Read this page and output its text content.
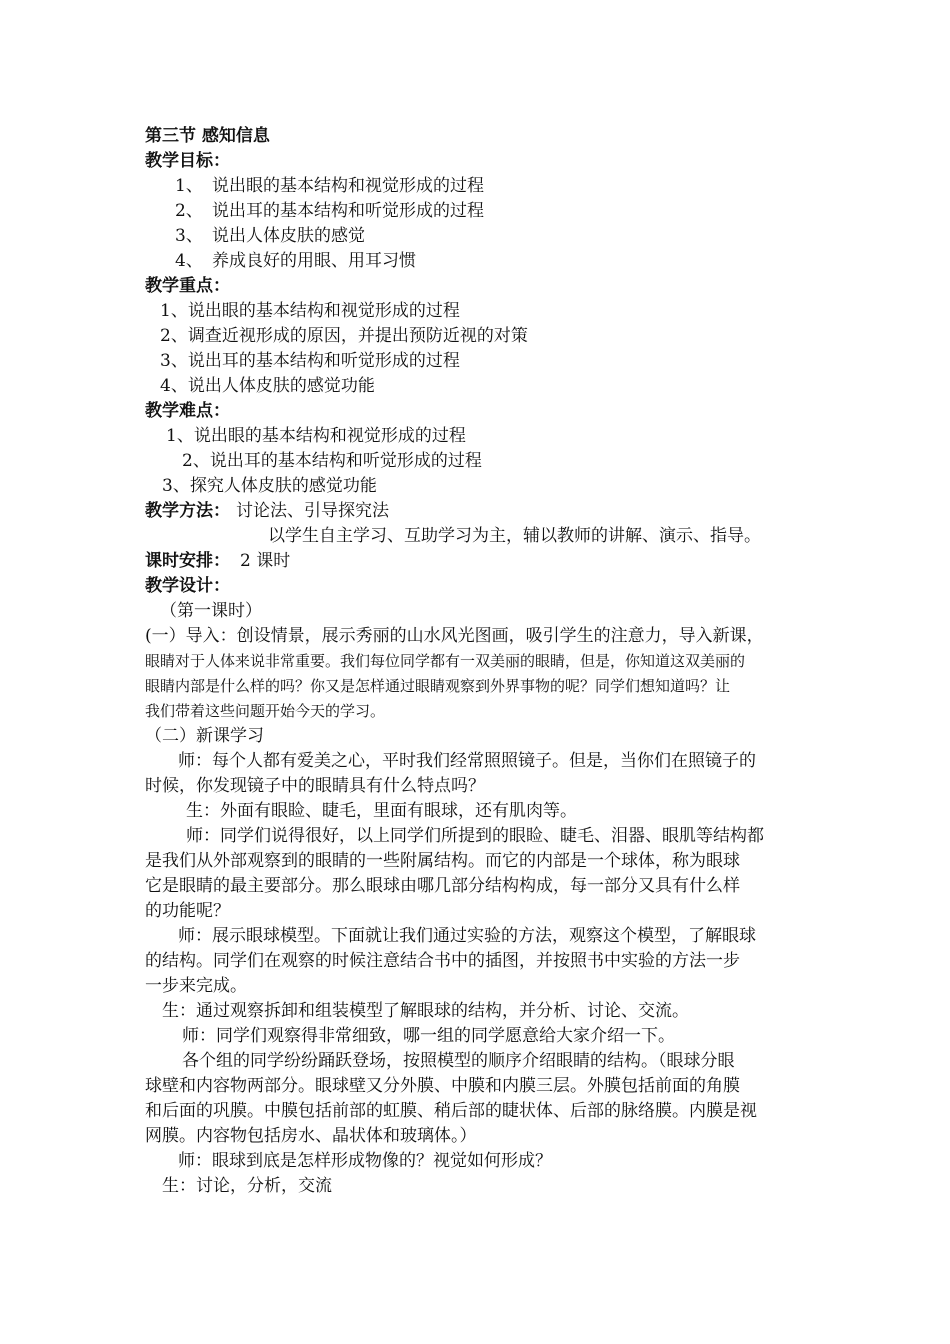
第三节 感知信息
教学目标：
1、 说出眼的基本结构和视觉形成的过程
2、 说出耳的基本结构和听觉形成的过程
3、 说出人体皮肤的感觉
4、 养成良好的用眼、用耳习惯
教学重点：
1、说出眼的基本结构和视觉形成的过程
2、调查近视形成的原因，并提出预防近视的对策
3、说出耳的基本结构和听觉形成的过程
4、说出人体皮肤的感觉功能
教学难点：
1、说出眼的基本结构和视觉形成的过程
2、说出耳的基本结构和听觉形成的过程
3、探究人体皮肤的感觉功能
教学方法： 讨论法、引导探究法
以学生自主学习、互助学习为主，辅以教师的讲解、演示、指导。
课时安排： 2 课时
教学设计：
（第一课时）
(一）导入：创设情景，展示秀丽的山水风光图画，吸引学生的注意力，导入新课，
眼睛对于人体来说非常重要。我们每位同学都有一双美丽的眼睛，但是，你知道这双美丽的
眼睛内部是什么样的吗？你又是怎样通过眼睛观察到外界事物的呢？同学们想知道吗？让
我们带着这些问题开始今天的学习。
（二）新课学习
师：每个人都有爱美之心，平时我们经常照照镜子。但是，当你们在照镜子的
时候，你发现镜子中的眼睛具有什么特点吗？
生：外面有眼睑、睫毛，里面有眼球，还有肌肉等。
师：同学们说得很好，以上同学们所提到的眼睑、睫毛、泪器、眼肌等结构都
是我们从外部观察到的眼睛的一些附属结构。而它的内部是一个球体，称为眼球
它是眼睛的最主要部分。那么眼球由哪几部分结构构成，每一部分又具有什么样
的功能呢？
师：展示眼球模型。下面就让我们通过实验的方法，观察这个模型，了解眼球
的结构。同学们在观察的时候注意结合书中的插图，并按照书中实验的方法一步
一步来完成。
生：通过观察拆卸和组装模型了解眼球的结构，并分析、讨论、交流。
师：同学们观察得非常细致，哪一组的同学愿意给大家介绍一下。
各个组的同学纷纷踊跃登场，按照模型的顺序介绍眼睛的结构。（眼球分眼
球壁和内容物两部分。眼球壁又分外膜、中膜和内膜三层。外膜包括前面的角膜
和后面的巩膜。中膜包括前部的虹膜、稍后部的睫状体、后部的脉络膜。内膜是视
网膜。内容物包括房水、晶状体和玻璃体。）
师：眼球到底是怎样形成物像的？视觉如何形成？
生：讨论，分析，交流
